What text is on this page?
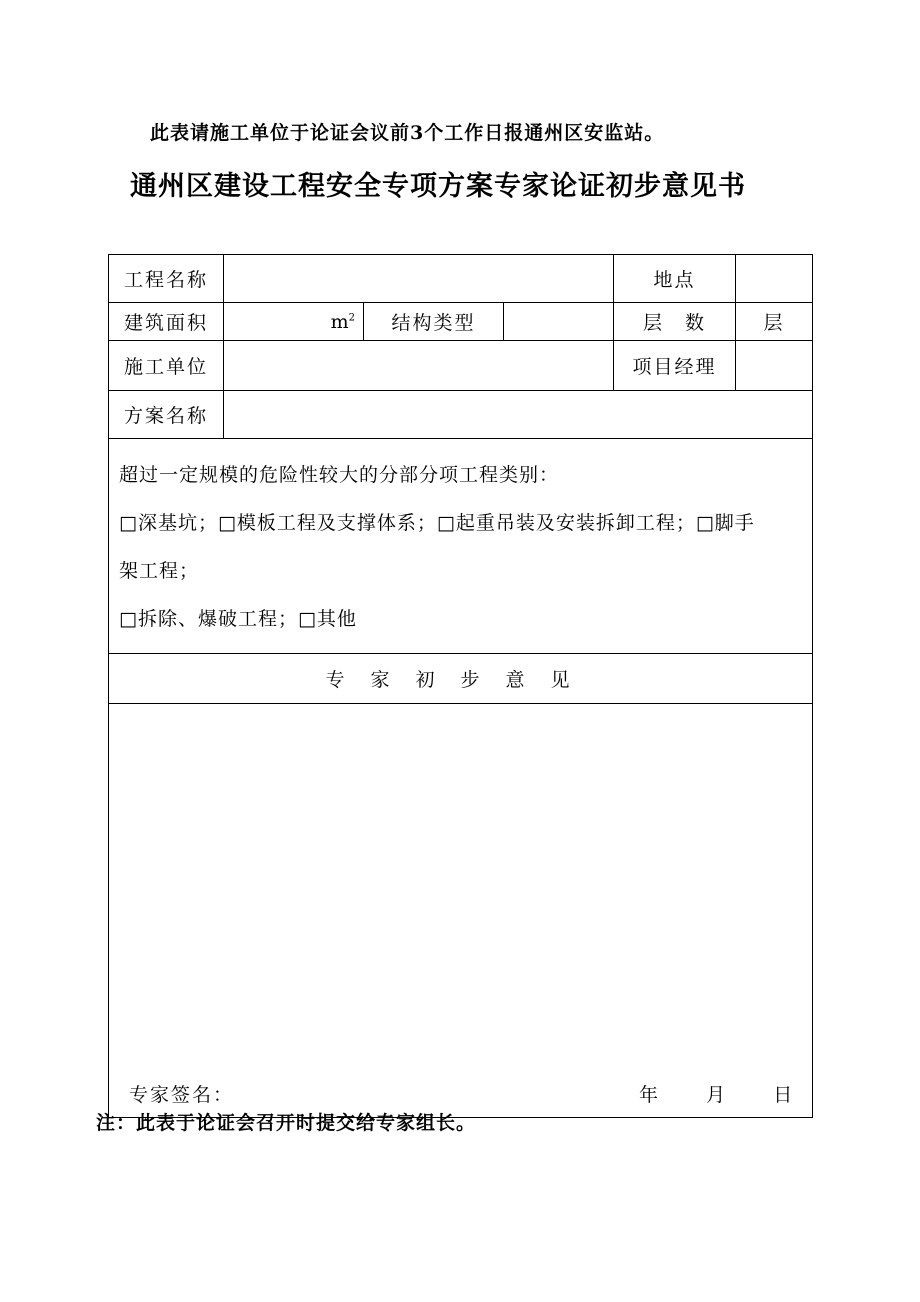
此表请施工单位于论证会议前3个工作日报通州区安监站。
通州区建设工程安全专项方案专家论证初步意见书
工程名称				地点	
建筑面积	$m^2$	结构类型		层　数	层
施工单位				项目经理	
方案名称					

超过一定规模的危险性较大的分部分项工程类别：
□深基坑；□模板工程及支撑体系；□起重吊装及安装拆卸工程；□脚手
架工程；
□拆除、爆破工程；□其他					

专家初步意见					

专家签名： 年 月 日					
注：此表于论证会召开时提交给专家组长。
